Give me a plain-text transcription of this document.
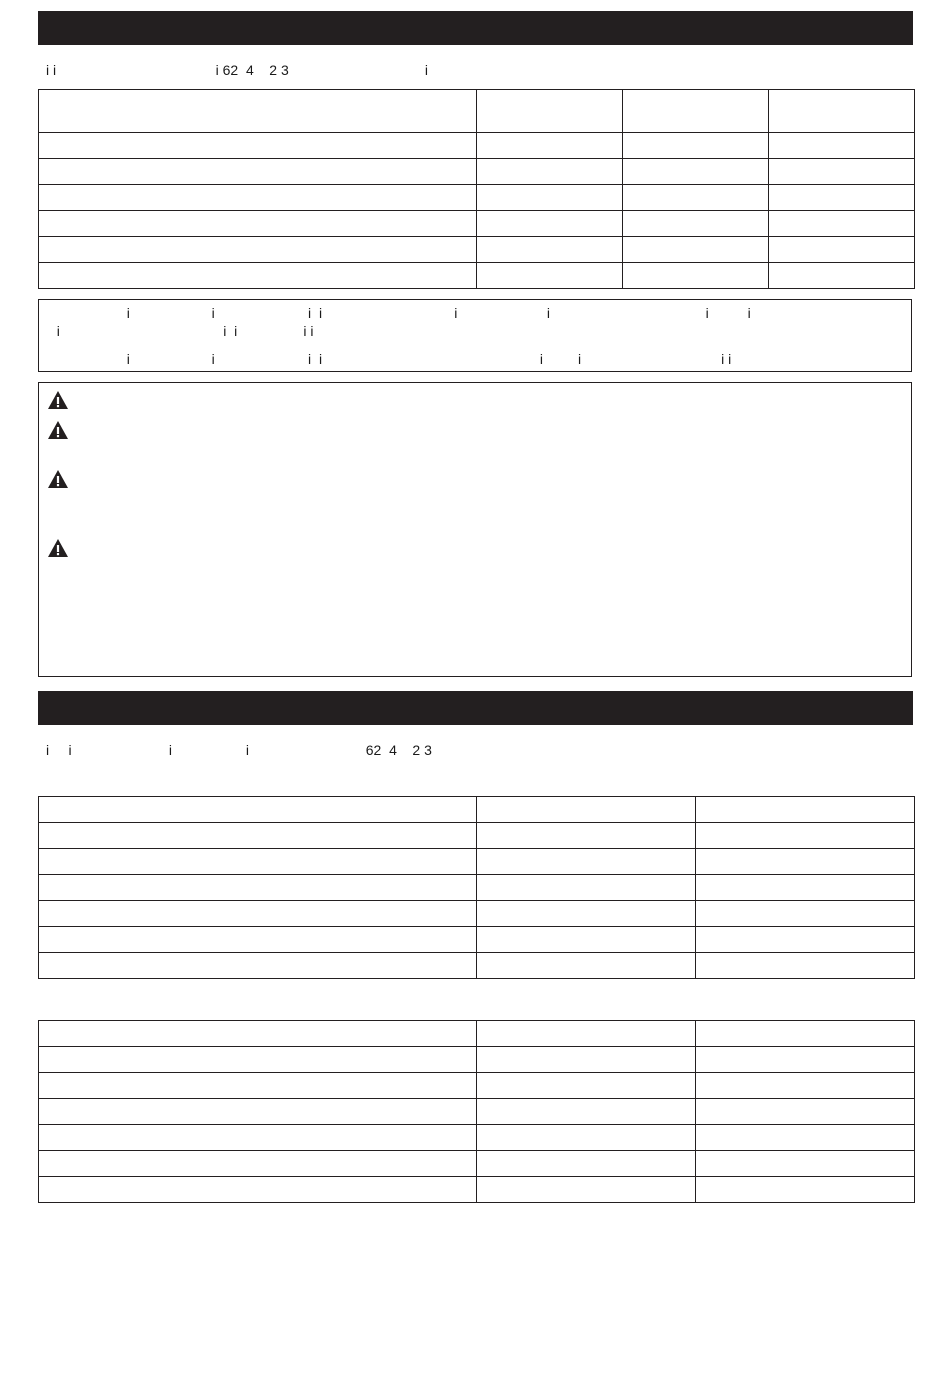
i i                                         i 62  4    2 3                                   i

i                     i                        i  i                                  i                       i                                        i          i
i                                          i  i                 i i
i                     i                        i  i                                                        i         i                                    i i
i     i                         i                   i                              62  4    2 3
